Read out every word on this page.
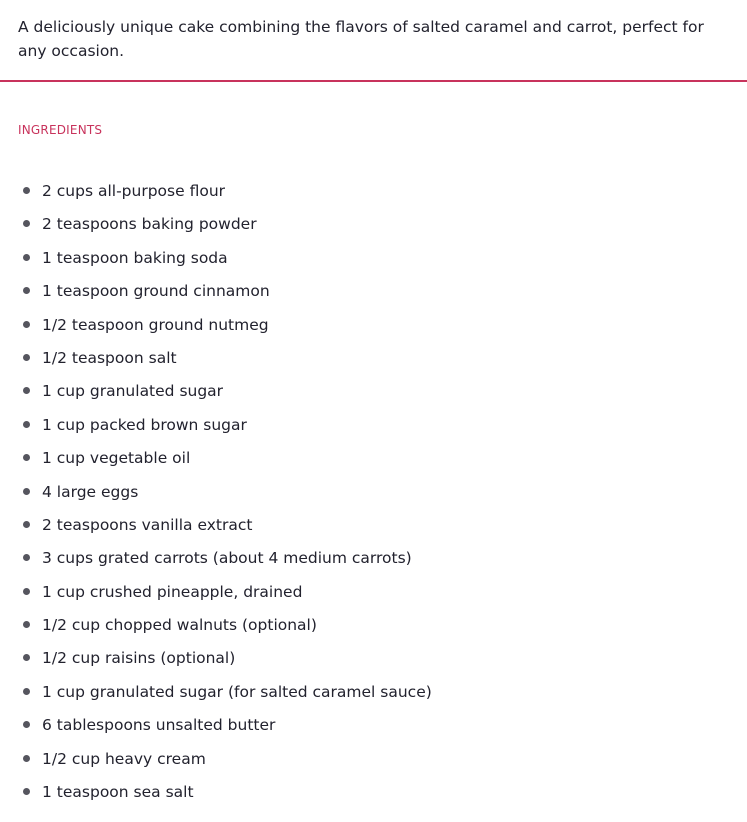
A deliciously unique cake combining the flavors of salted caramel and carrot, perfect for any occasion.

INGREDIENTS

2 cups all-purpose flour
2 teaspoons baking powder
1 teaspoon baking soda
1 teaspoon ground cinnamon
1/2 teaspoon ground nutmeg
1/2 teaspoon salt
1 cup granulated sugar
1 cup packed brown sugar
1 cup vegetable oil
4 large eggs
2 teaspoons vanilla extract
3 cups grated carrots (about 4 medium carrots)
1 cup crushed pineapple, drained
1/2 cup chopped walnuts (optional)
1/2 cup raisins (optional)
1 cup granulated sugar (for salted caramel sauce)
6 tablespoons unsalted butter
1/2 cup heavy cream
1 teaspoon sea salt
